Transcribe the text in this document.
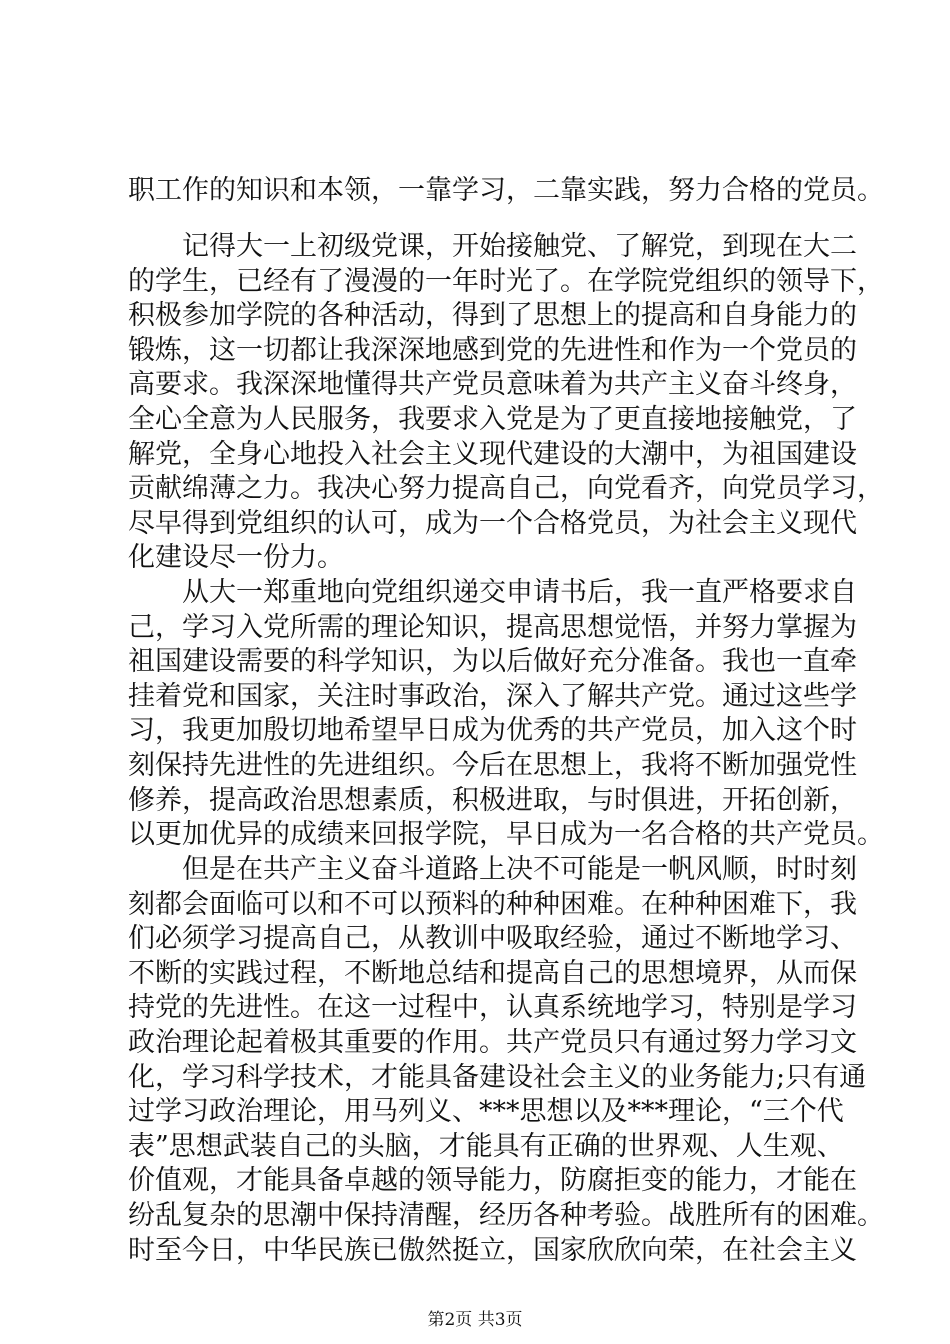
职工作的知识和本领，一靠学习，二靠实践，努力合格的党员。
　　记得大一上初级党课，开始接触党、了解党，到现在大二
的学生，已经有了漫漫的一年时光了。在学院党组织的领导下，
积极参加学院的各种活动，得到了思想上的提高和自身能力的
锻炼，这一切都让我深深地感到党的先进性和作为一个党员的
高要求。我深深地懂得共产党员意味着为共产主义奋斗终身，
全心全意为人民服务，我要求入党是为了更直接地接触党，了
解党，全身心地投入社会主义现代建设的大潮中，为祖国建设
贡献绵薄之力。我决心努力提高自己，向党看齐，向党员学习，
尽早得到党组织的认可，成为一个合格党员，为社会主义现代
化建设尽一份力。
　　从大一郑重地向党组织递交申请书后，我一直严格要求自
己，学习入党所需的理论知识，提高思想觉悟，并努力掌握为
祖国建设需要的科学知识，为以后做好充分准备。我也一直牵
挂着党和国家，关注时事政治，深入了解共产党。通过这些学
习，我更加殷切地希望早日成为优秀的共产党员，加入这个时
刻保持先进性的先进组织。今后在思想上，我将不断加强党性
修养，提高政治思想素质，积极进取，与时俱进，开拓创新，
以更加优异的成绩来回报学院，早日成为一名合格的共产党员。
　　但是在共产主义奋斗道路上决不可能是一帆风顺，时时刻
刻都会面临可以和不可以预料的种种困难。在种种困难下，我
们必须学习提高自己，从教训中吸取经验，通过不断地学习、
不断的实践过程，不断地总结和提高自己的思想境界，从而保
持党的先进性。在这一过程中，认真系统地学习，特别是学习
政治理论起着极其重要的作用。共产党员只有通过努力学习文
化，学习科学技术，才能具备建设社会主义的业务能力;只有通
过学习政治理论，用马列义、***思想以及***理论，“三个代
表”思想武装自己的头脑，才能具有正确的世界观、人生观、
价值观，才能具备卓越的领导能力，防腐拒变的能力，才能在
纷乱复杂的思潮中保持清醒，经历各种考验。战胜所有的困难。
时至今日，中华民族已傲然挺立，国家欣欣向荣，在社会主义
第2页 共3页
